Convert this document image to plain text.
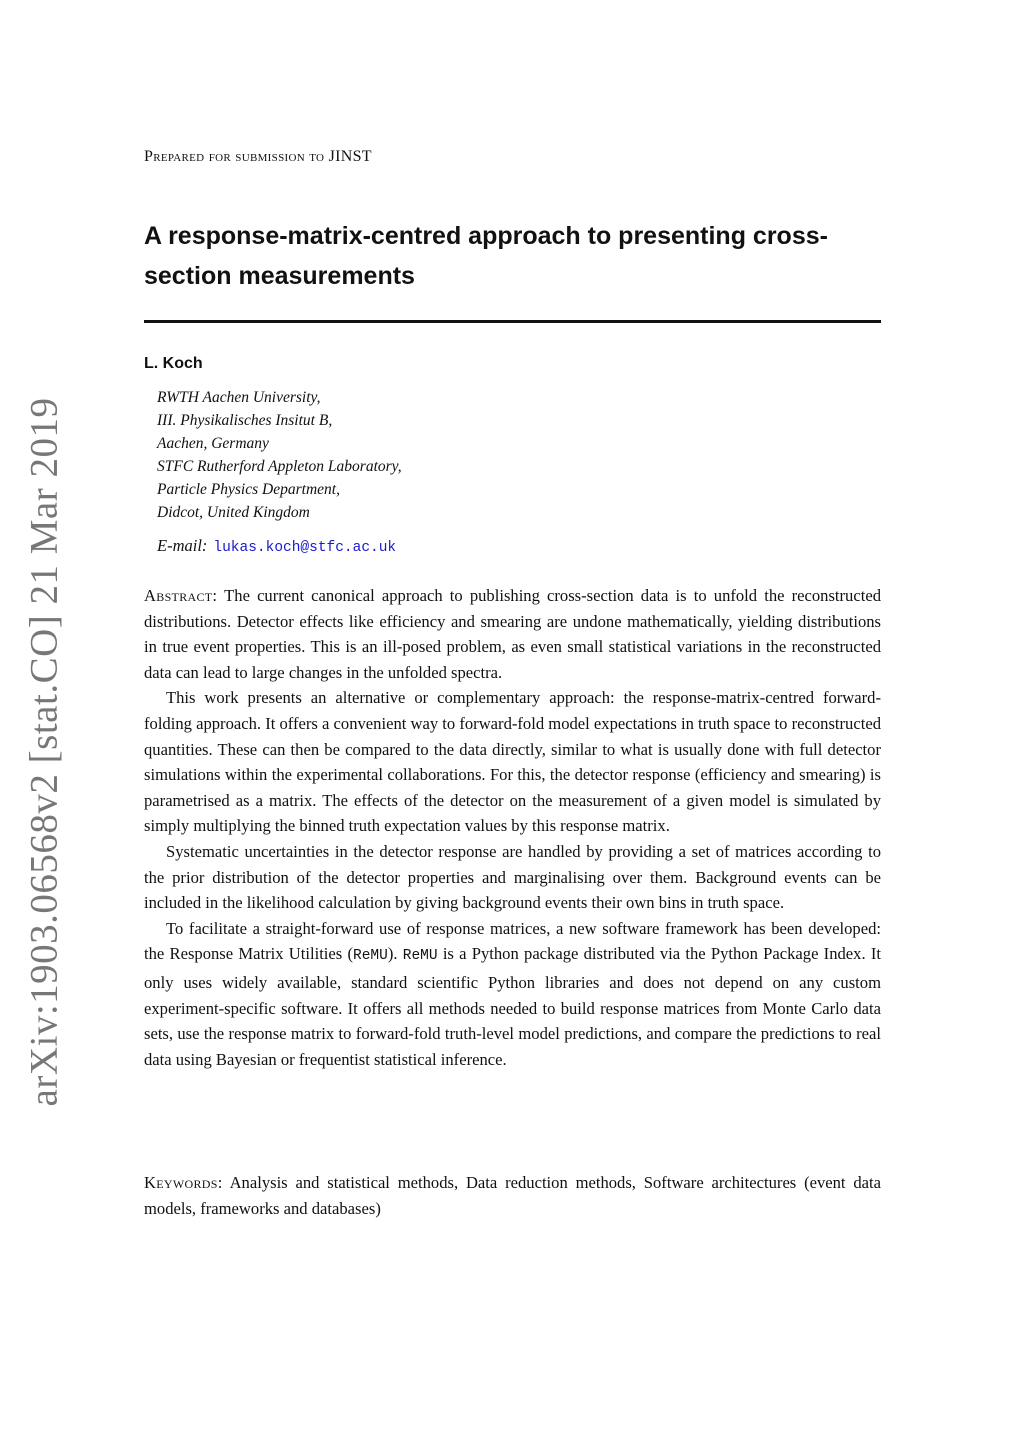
arXiv:1903.06568v2 [stat.CO] 21 Mar 2019
Prepared for submission to JINST
A response-matrix-centred approach to presenting cross-section measurements
L. Koch
RWTH Aachen University,
III. Physikalisches Insitut B,
Aachen, Germany
STFC Rutherford Appleton Laboratory,
Particle Physics Department,
Didcot, United Kingdom
E-mail: lukas.koch@stfc.ac.uk

Abstract: The current canonical approach to publishing cross-section data is to unfold the reconstructed distributions. Detector effects like efficiency and smearing are undone mathematically, yielding distributions in true event properties. This is an ill-posed problem, as even small statistical variations in the reconstructed data can lead to large changes in the unfolded spectra.

This work presents an alternative or complementary approach: the response-matrix-centred forward-folding approach. It offers a convenient way to forward-fold model expectations in truth space to reconstructed quantities. These can then be compared to the data directly, similar to what is usually done with full detector simulations within the experimental collaborations. For this, the detector response (efficiency and smearing) is parametrised as a matrix. The effects of the detector on the measurement of a given model is simulated by simply multiplying the binned truth expectation values by this response matrix.

Systematic uncertainties in the detector response are handled by providing a set of matrices according to the prior distribution of the detector properties and marginalising over them. Background events can be included in the likelihood calculation by giving background events their own bins in truth space.

To facilitate a straight-forward use of response matrices, a new software framework has been developed: the Response Matrix Utilities (ReMU). ReMU is a Python package distributed via the Python Package Index. It only uses widely available, standard scientific Python libraries and does not depend on any custom experiment-specific software. It offers all methods needed to build response matrices from Monte Carlo data sets, use the response matrix to forward-fold truth-level model predictions, and compare the predictions to real data using Bayesian or frequentist statistical inference.

Keywords: Analysis and statistical methods, Data reduction methods, Software architectures (event data models, frameworks and databases)
